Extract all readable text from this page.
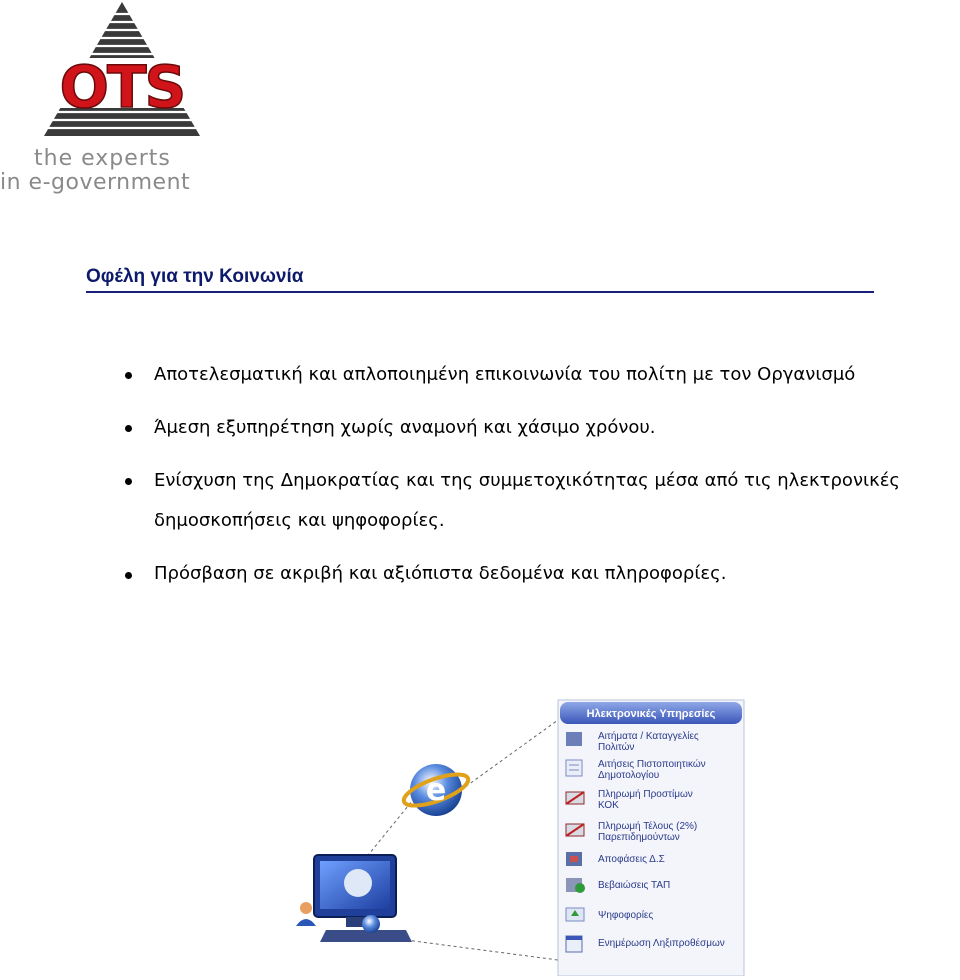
OTS
the experts
in e-government
Οφέλη για την Κοινωνία
Αποτελεσματική και απλοποιημένη επικοινωνία του πολίτη με τον Οργανισμό
Άμεση εξυπηρέτηση χωρίς αναμονή και χάσιμο χρόνου.
Ενίσχυση της Δημοκρατίας και της συμμετοχικότητας μέσα από τις ηλεκτρονικές
δημοσκοπήσεις και ψηφοφορίες.
Πρόσβαση σε ακριβή και αξιόπιστα δεδομένα και πληροφορίες.
e
Ηλεκτρονικές Υπηρεσίες
Αιτήματα / Καταγγελίες
Πολιτών
Αιτήσεις Πιστοποιητικών
Δημοτολογίου
Πληρωμή Προστίμων
ΚΟΚ
Πληρωμή Τέλους (2%)
Παρεπιδημούντων
Αποφάσεις Δ.Σ
Βεβαιώσεις ΤΑΠ
Ψηφοφορίες
Ενημέρωση Ληξιπροθέσμων
